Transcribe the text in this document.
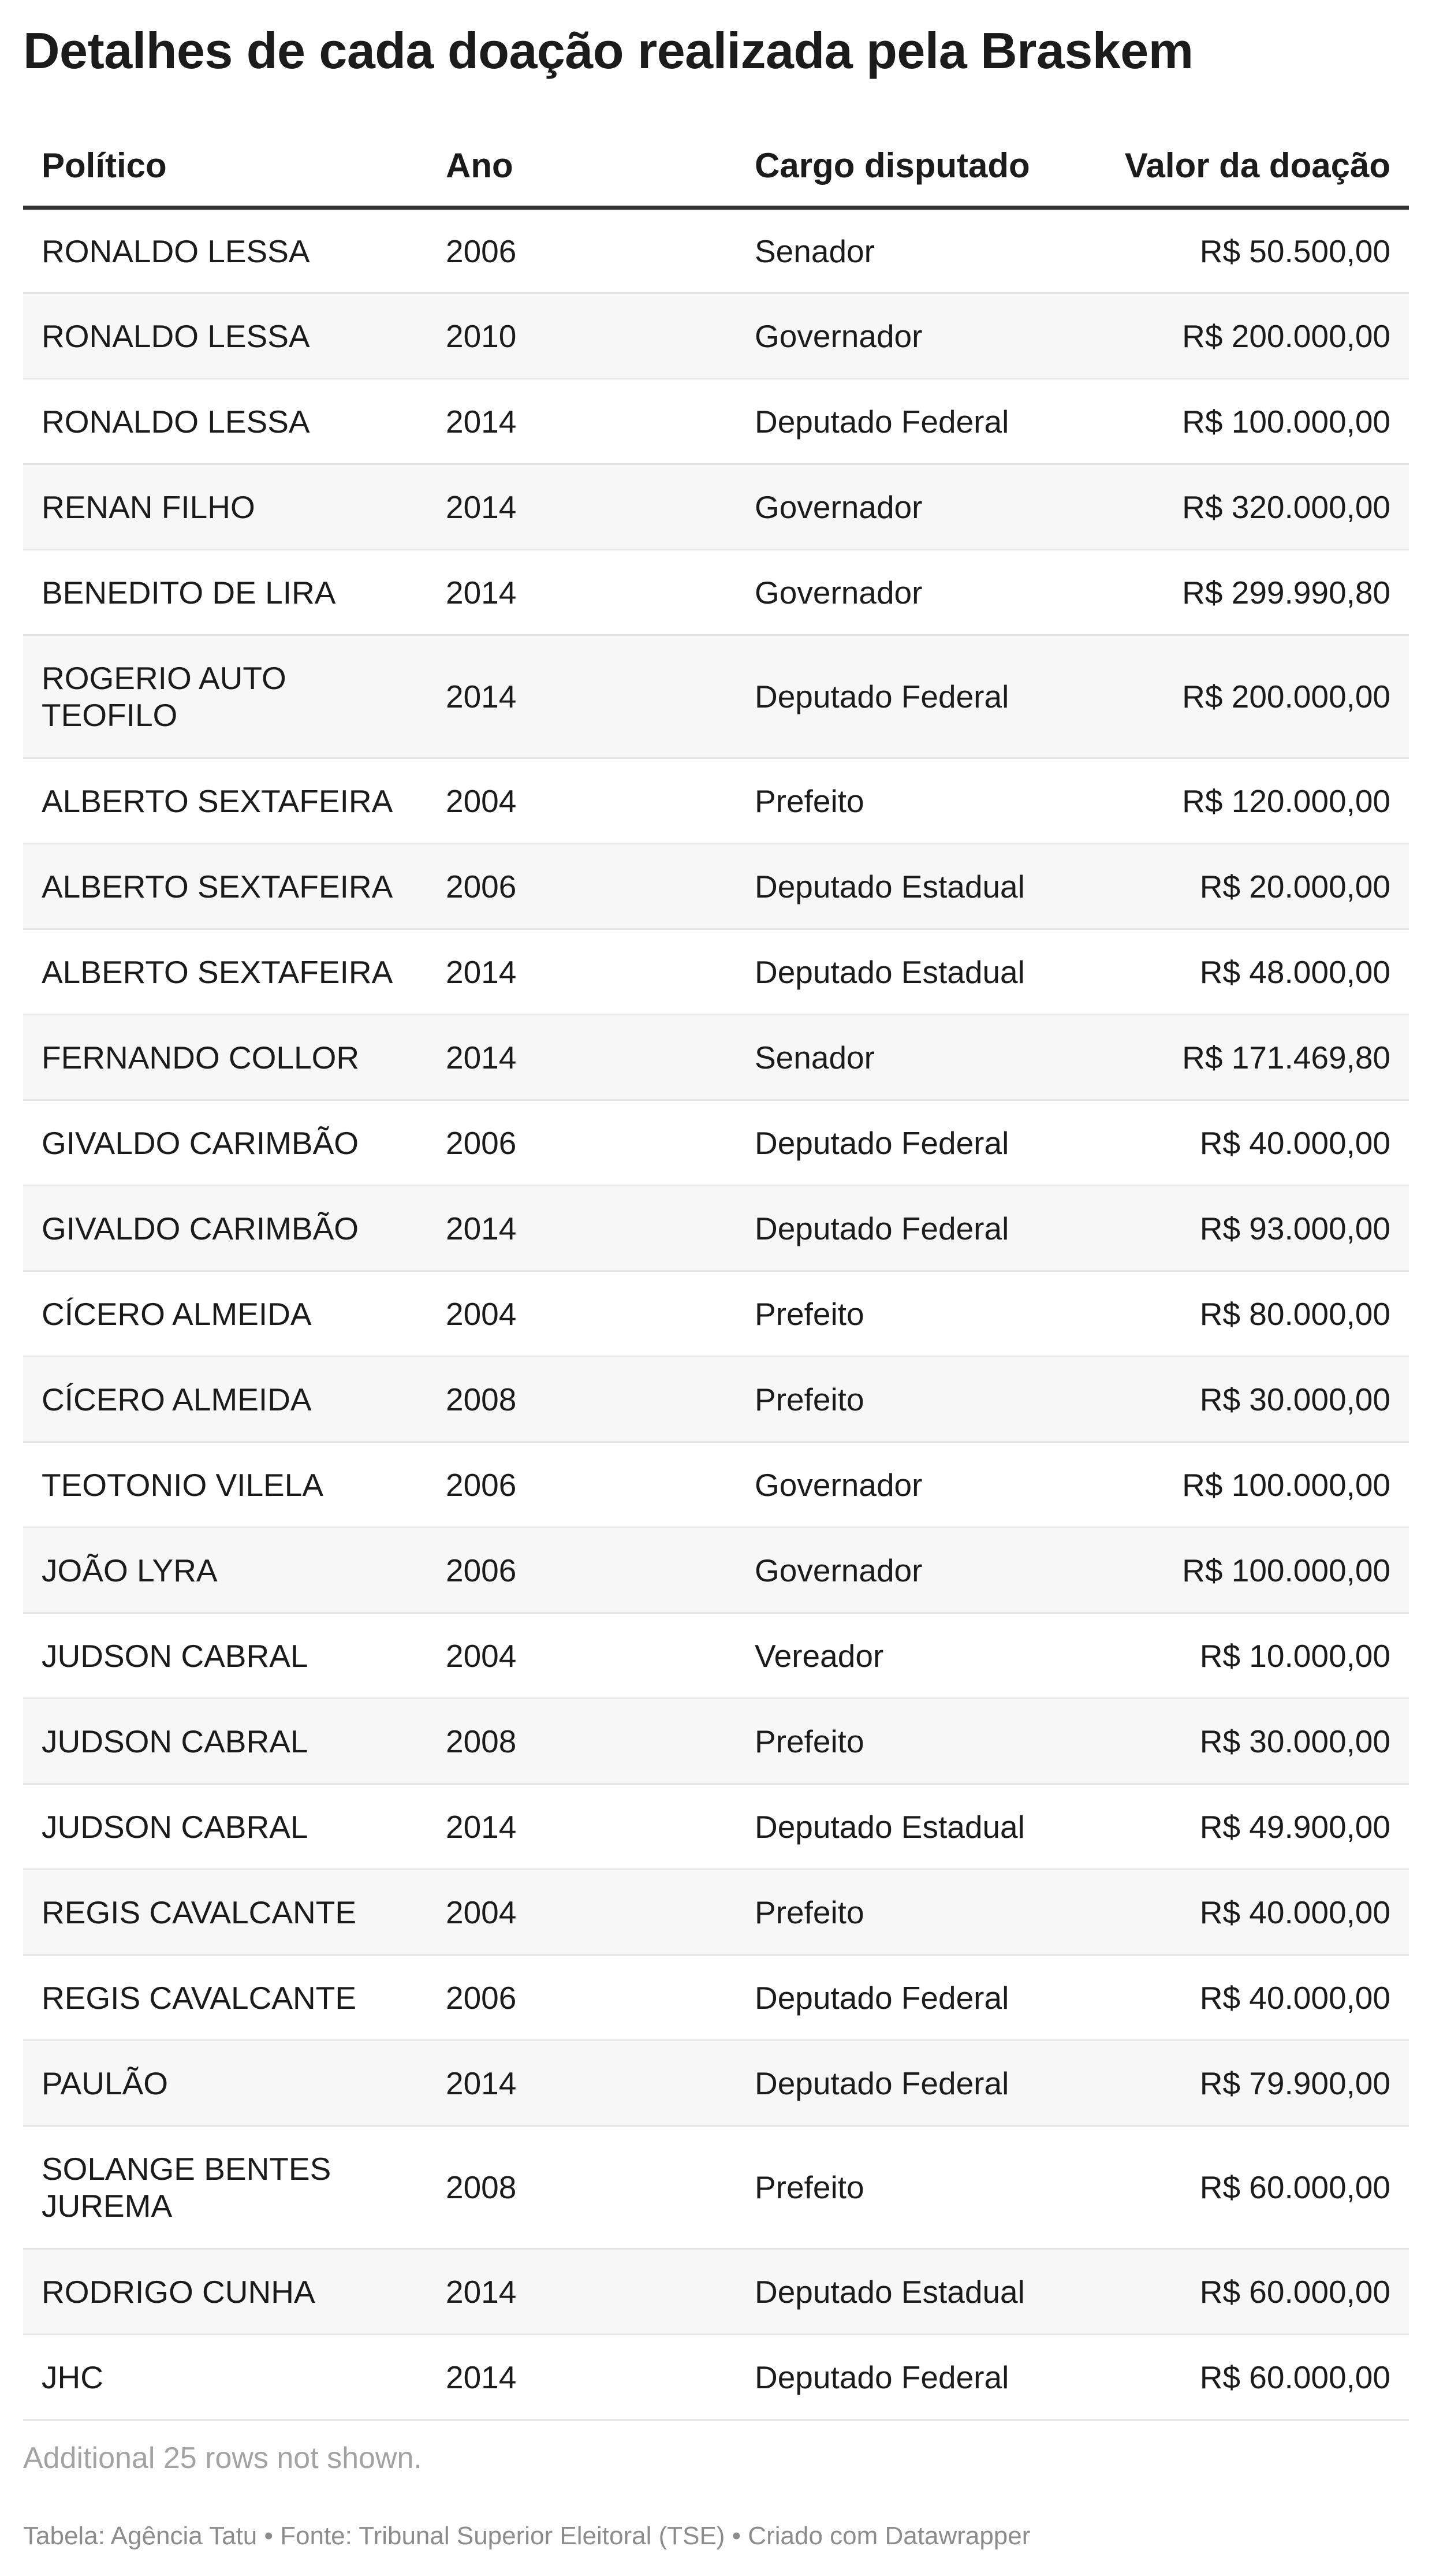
Detalhes de cada doação realizada pela Braskem
Político	Ano	Cargo disputado	Valor da doação
RONALDO LESSA	2006	Senador	R$ 50.500,00
RONALDO LESSA	2010	Governador	R$ 200.000,00
RONALDO LESSA	2014	Deputado Federal	R$ 100.000,00
RENAN FILHO	2014	Governador	R$ 320.000,00
BENEDITO DE LIRA	2014	Governador	R$ 299.990,80
ROGERIO AUTO TEOFILO	2014	Deputado Federal	R$ 200.000,00
ALBERTO SEXTAFEIRA	2004	Prefeito	R$ 120.000,00
ALBERTO SEXTAFEIRA	2006	Deputado Estadual	R$ 20.000,00
ALBERTO SEXTAFEIRA	2014	Deputado Estadual	R$ 48.000,00
FERNANDO COLLOR	2014	Senador	R$ 171.469,80
GIVALDO CARIMBÃO	2006	Deputado Federal	R$ 40.000,00
GIVALDO CARIMBÃO	2014	Deputado Federal	R$ 93.000,00
CÍCERO ALMEIDA	2004	Prefeito	R$ 80.000,00
CÍCERO ALMEIDA	2008	Prefeito	R$ 30.000,00
TEOTONIO VILELA	2006	Governador	R$ 100.000,00
JOÃO LYRA	2006	Governador	R$ 100.000,00
JUDSON CABRAL	2004	Vereador	R$ 10.000,00
JUDSON CABRAL	2008	Prefeito	R$ 30.000,00
JUDSON CABRAL	2014	Deputado Estadual	R$ 49.900,00
REGIS CAVALCANTE	2004	Prefeito	R$ 40.000,00
REGIS CAVALCANTE	2006	Deputado Federal	R$ 40.000,00
PAULÃO	2014	Deputado Federal	R$ 79.900,00
SOLANGE BENTES JUREMA	2008	Prefeito	R$ 60.000,00
RODRIGO CUNHA	2014	Deputado Estadual	R$ 60.000,00
JHC	2014	Deputado Federal	R$ 60.000,00
Additional 25 rows not shown.
Tabela: Agência Tatu • Fonte: Tribunal Superior Eleitoral (TSE) • Criado com Datawrapper
